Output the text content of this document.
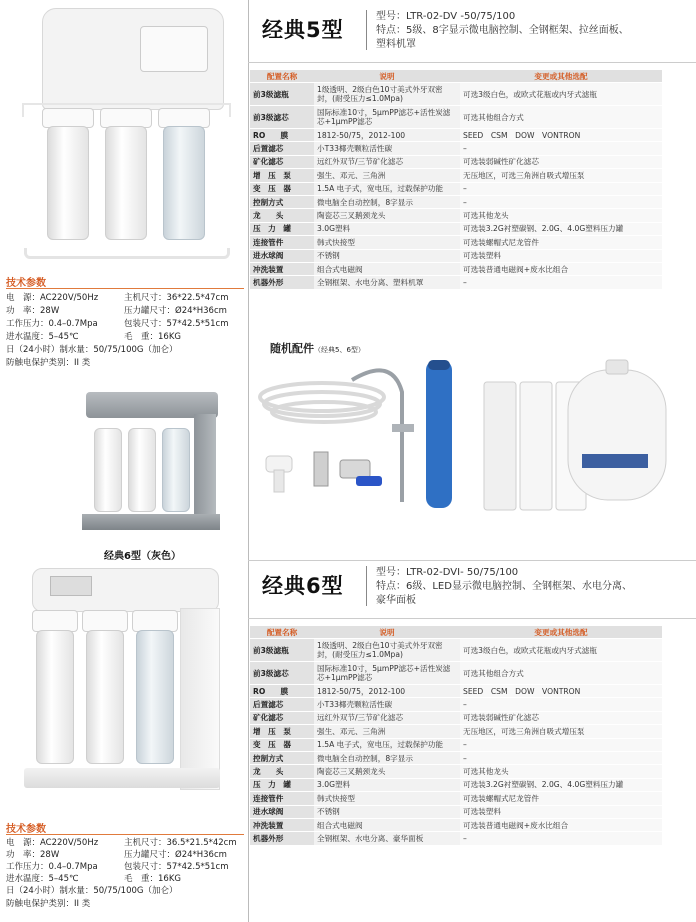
技术参数
电　源：AC220V/50Hz	主机尺寸：36*22.5*47cm
功　率：28W	压力罐尺寸：Ø24*H36cm
工作压力：0.4–0.7Mpa	包装尺寸：57*42.5*51cm
进水温度：5–45℃	毛　重：16KG
日（24小时）制水量：50/75/100G（加仑）
防触电保护类别：II 类
经典6型（灰色）
技术参数
电　源：AC220V/50Hz	主机尺寸：36.5*21.5*42cm
功　率：28W	压力罐尺寸：Ø24*H36cm
工作压力：0.4–0.7Mpa	包装尺寸：57*42.5*51cm
进水温度：5–45℃	毛　重：16KG
日（24小时）制水量：50/75/100G（加仑）
防触电保护类别：II 类
经典5型
型号：LTR-02-DV -50/75/100
特点：5级、8字显示微电脑控制、全钢框架、拉丝面板、
塑料机罩
配置名称	说明	变更或其他选配
前3级滤瓶	1级透明、2级白色10寸美式外牙双密封，(耐受压力≤1.0Mpa)	可选3级白色，或欧式花瓶或内牙式滤瓶
前3级滤芯	国际标准10寸，5μmPP滤芯+活性炭滤芯+1μmPP滤芯	可选其他组合方式
RO　　膜	1812-50/75，2012-100	SEED　CSM　DOW　VONTRON
后置滤芯	小T33椰壳颗粒活性碳	–
矿化滤芯	远红外双节/三节矿化滤芯	可选装弱碱性矿化滤芯
增　压　泵	强生、邓元、三角洲	无压地区，可选三角洲自吸式增压泵
变　压　器	1.5A 电子式，宽电压，过载保护功能	–
控制方式	微电脑全自动控制，8字显示	–
龙　　头	陶瓷芯三叉鹅颈龙头	可选其他龙头
压　力　罐	3.0G塑料	可选装3.2G衬塑碳钢、2.0G、4.0G塑料压力罐
连接管件	韩式快接型	可选装螺帽式尼龙管件
进水球阀	不锈钢	可选装塑料
冲洗装置	组合式电磁阀	可选装普通电磁阀+废水比组合
机器外形	全钢框架、水电分离、塑料机罩	–
随机配件（经典5、6型）
经典6型
型号：LTR-02-DVI- 50/75/100
特点：6级、LED显示微电脑控制、全钢框架、水电分离、
豪华面板
配置名称	说明	变更或其他选配
前3级滤瓶	1级透明、2级白色10寸美式外牙双密封，(耐受压力≤1.0Mpa)	可选3级白色，或欧式花瓶或内牙式滤瓶
前3级滤芯	国际标准10寸，5μmPP滤芯+活性炭滤芯+1μmPP滤芯	可选其他组合方式
RO　　膜	1812-50/75，2012-100	SEED　CSM　DOW　VONTRON
后置滤芯	小T33椰壳颗粒活性碳	–
矿化滤芯	远红外双节/三节矿化滤芯	可选装弱碱性矿化滤芯
增　压　泵	强生、邓元、三角洲	无压地区，可选三角洲自吸式增压泵
变　压　器	1.5A 电子式，宽电压，过载保护功能	–
控制方式	微电脑全自动控制，8字显示	–
龙　　头	陶瓷芯三叉鹅颈龙头	可选其他龙头
压　力　罐	3.0G塑料	可选装3.2G衬塑碳钢、2.0G、4.0G塑料压力罐
连接管件	韩式快接型	可选装螺帽式尼龙管件
进水球阀	不锈钢	可选装塑料
冲洗装置	组合式电磁阀	可选装普通电磁阀+废水比组合
机器外形	全钢框架、水电分离、豪华面板	–
